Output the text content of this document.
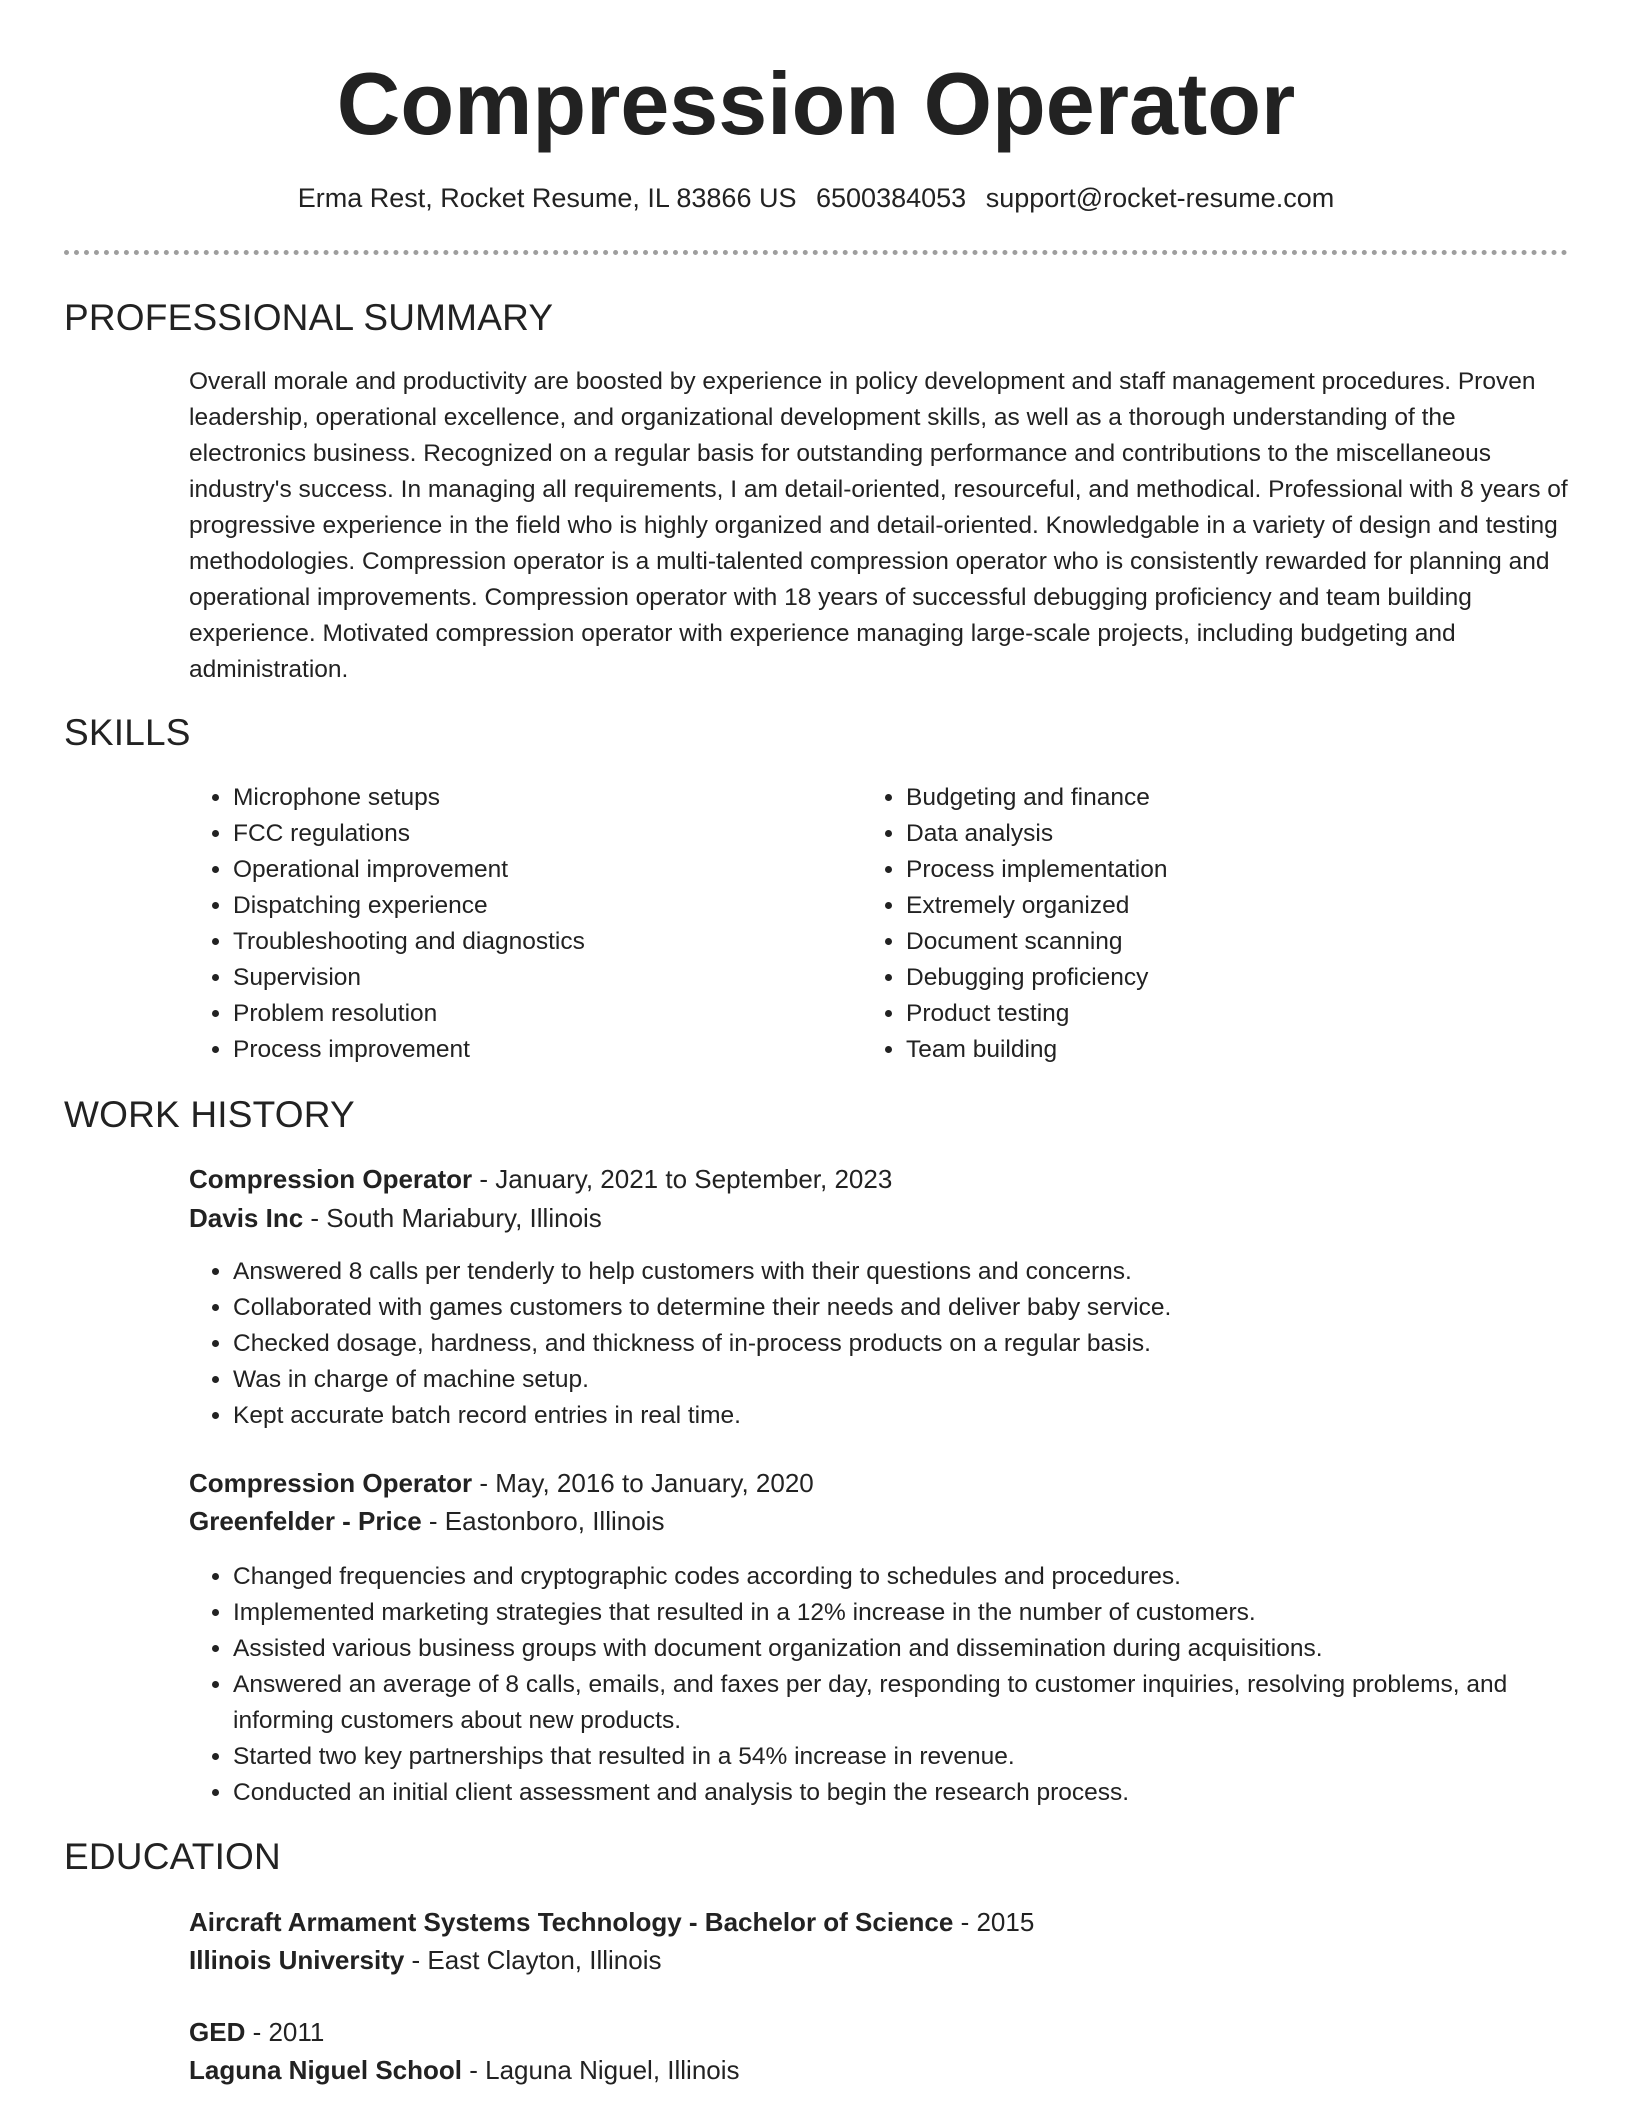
Compression Operator
Erma Rest, Rocket Resume, IL 83866 US 6500384053 support@rocket-resume.com
PROFESSIONAL SUMMARY
Overall morale and productivity are boosted by experience in policy development and staff management procedures. Proven leadership, operational excellence, and organizational development skills, as well as a thorough understanding of the electronics business. Recognized on a regular basis for outstanding performance and contributions to the miscellaneous industry's success. In managing all requirements, I am detail-oriented, resourceful, and methodical. Professional with 8 years of progressive experience in the field who is highly organized and detail-oriented. Knowledgable in a variety of design and testing methodologies. Compression operator is a multi-talented compression operator who is consistently rewarded for planning and operational improvements. Compression operator with 18 years of successful debugging proficiency and team building experience. Motivated compression operator with experience managing large-scale projects, including budgeting and administration.
SKILLS
• Microphone setups
• FCC regulations
• Operational improvement
• Dispatching experience
• Troubleshooting and diagnostics
• Supervision
• Problem resolution
• Process improvement
• Budgeting and finance
• Data analysis
• Process implementation
• Extremely organized
• Document scanning
• Debugging proficiency
• Product testing
• Team building
WORK HISTORY
Compression Operator - January, 2021 to September, 2023
Davis Inc - South Mariabury, Illinois
• Answered 8 calls per tenderly to help customers with their questions and concerns.
• Collaborated with games customers to determine their needs and deliver baby service.
• Checked dosage, hardness, and thickness of in-process products on a regular basis.
• Was in charge of machine setup.
• Kept accurate batch record entries in real time.
Compression Operator - May, 2016 to January, 2020
Greenfelder - Price - Eastonboro, Illinois
• Changed frequencies and cryptographic codes according to schedules and procedures.
• Implemented marketing strategies that resulted in a 12% increase in the number of customers.
• Assisted various business groups with document organization and dissemination during acquisitions.
• Answered an average of 8 calls, emails, and faxes per day, responding to customer inquiries, resolving problems, and informing customers about new products.
• Started two key partnerships that resulted in a 54% increase in revenue.
• Conducted an initial client assessment and analysis to begin the research process.
EDUCATION
Aircraft Armament Systems Technology - Bachelor of Science - 2015
Illinois University - East Clayton, Illinois
GED - 2011
Laguna Niguel School - Laguna Niguel, Illinois
